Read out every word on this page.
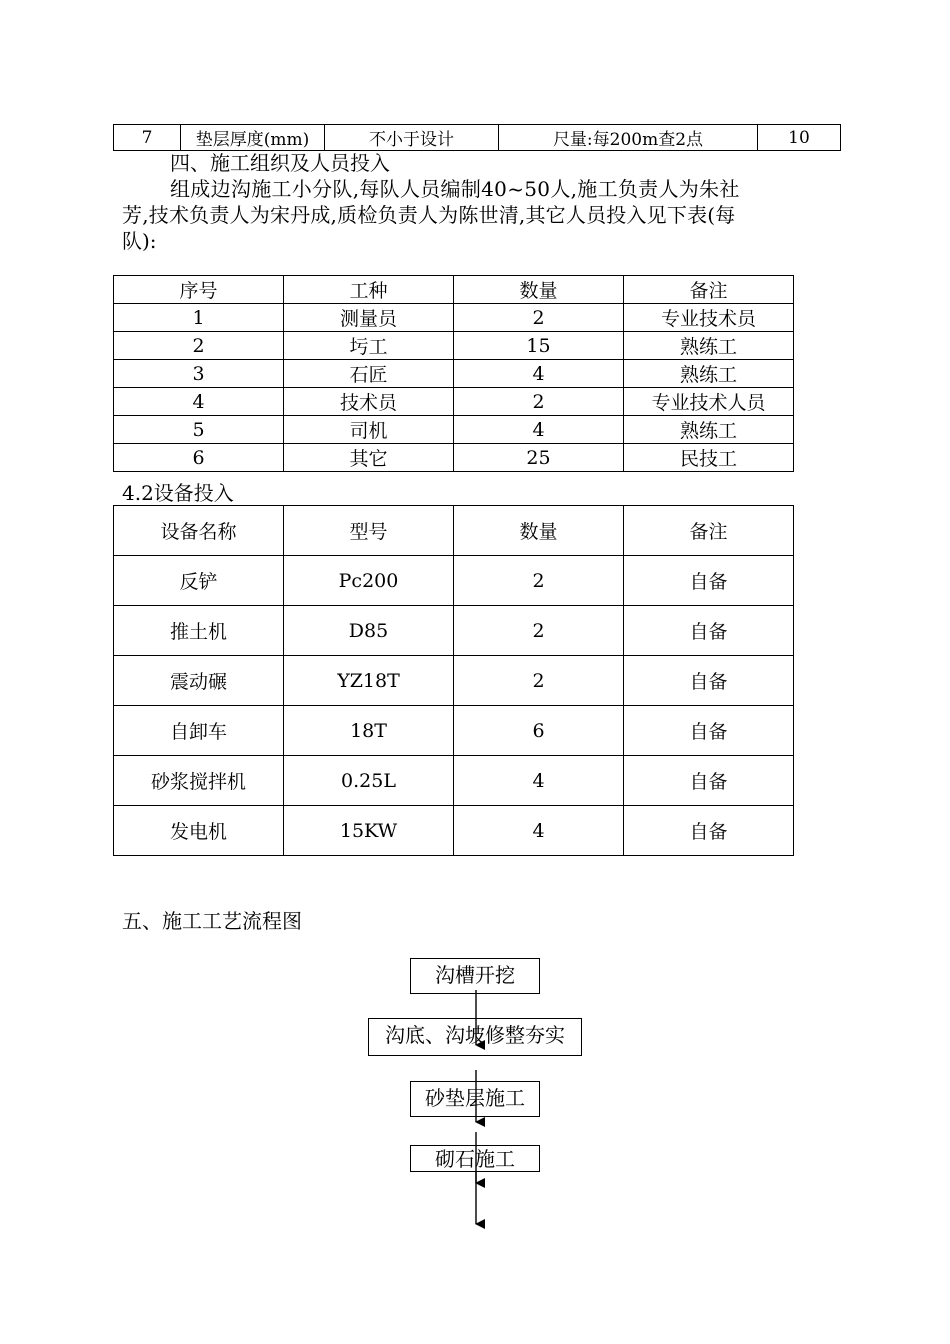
7	垫层厚度(mm)	不小于设计	尺量:每200m查2点	10
四、施工组织及人员投入
组成边沟施工小分队,每队人员编制40~50人,施工负责人为朱社
芳,技术负责人为宋丹成,质检负责人为陈世清,其它人员投入见下表(每
队):
序号	工种	数量	备注
1	测量员	2	专业技术员
2	圬工	15	熟练工
3	石匠	4	熟练工
4	技术员	2	专业技术人员
5	司机	4	熟练工
6	其它	25	民技工
4.2设备投入
设备名称	型号	数量	备注
反铲	Pc200	2	自备
推土机	D85	2	自备
震动碾	YZ18T	2	自备
自卸车	18T	6	自备
砂浆搅拌机	0.25L	4	自备
发电机	15KW	4	自备
五、施工工艺流程图
沟槽开挖
沟底、沟坡修整夯实
砂垫层施工
砌石施工
